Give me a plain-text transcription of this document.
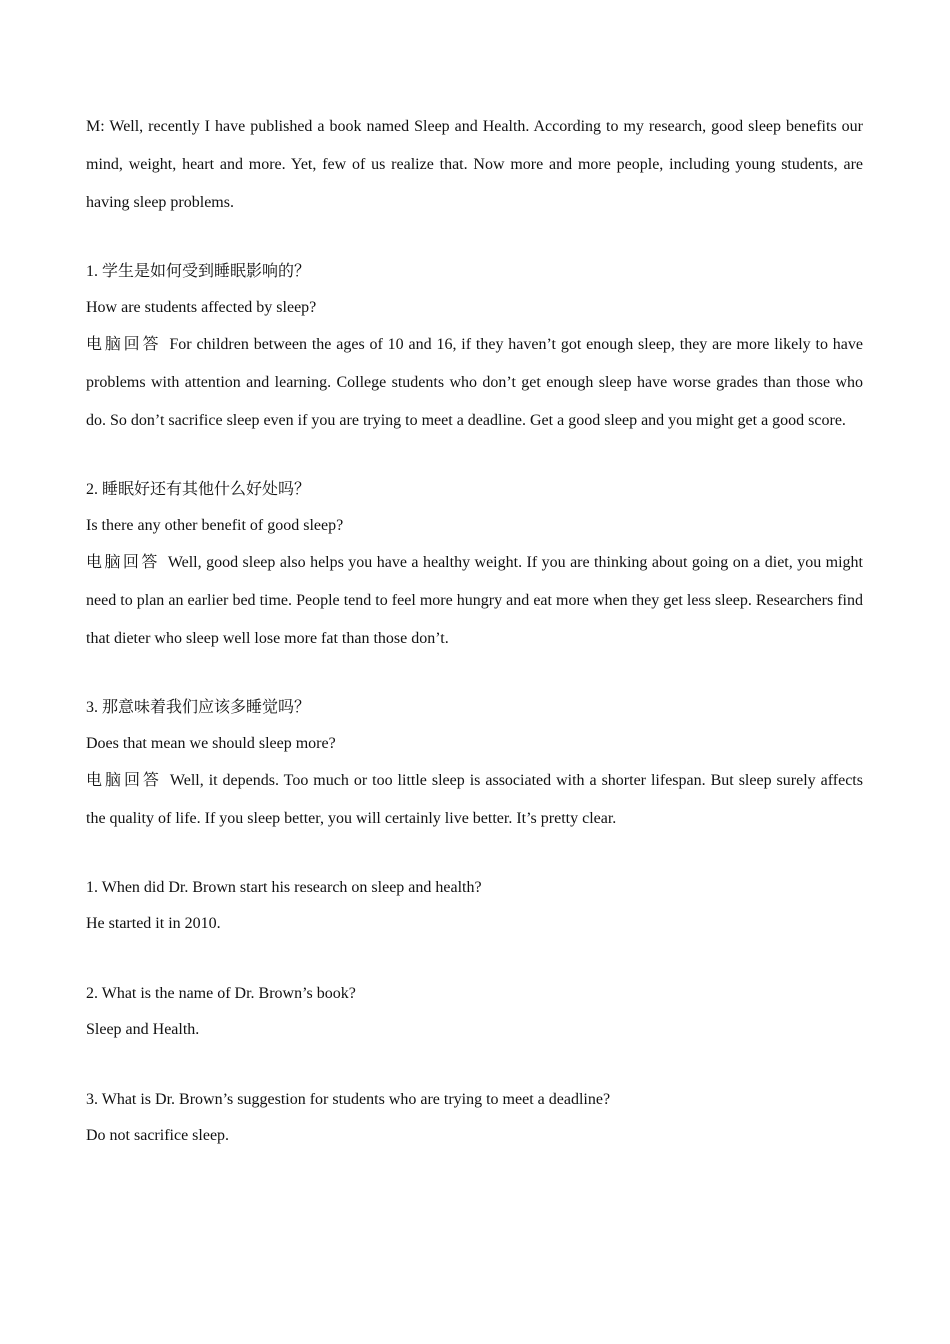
M: Well, recently I have published a book named Sleep and Health. According to my research, good sleep benefits our mind, weight, heart and more. Yet, few of us realize that. Now more and more people, including young students, are having sleep problems.

1. 学生是如何受到睡眠影响的？

How are students affected by sleep?

电脑回答 For children between the ages of 10 and 16, if they haven’t got enough sleep, they are more likely to have problems with attention and learning. College students who don’t get enough sleep have worse grades than those who do. So don’t sacrifice sleep even if you are trying to meet a deadline. Get a good sleep and you might get a good score.

2. 睡眠好还有其他什么好处吗？

Is there any other benefit of good sleep?

电脑回答 Well, good sleep also helps you have a healthy weight. If you are thinking about going on a diet, you might need to plan an earlier bed time. People tend to feel more hungry and eat more when they get less sleep. Researchers find that dieter who sleep well lose more fat than those don’t.

3. 那意味着我们应该多睡觉吗？

Does that mean we should sleep more?

电脑回答 Well, it depends. Too much or too little sleep is associated with a shorter lifespan. But sleep surely affects the quality of life. If you sleep better, you will certainly live better. It’s pretty clear.

1. When did Dr. Brown start his research on sleep and health?

He started it in 2010.

2. What is the name of Dr. Brown’s book?

Sleep and Health.

3. What is Dr. Brown’s suggestion for students who are trying to meet a deadline?

Do not sacrifice sleep.
